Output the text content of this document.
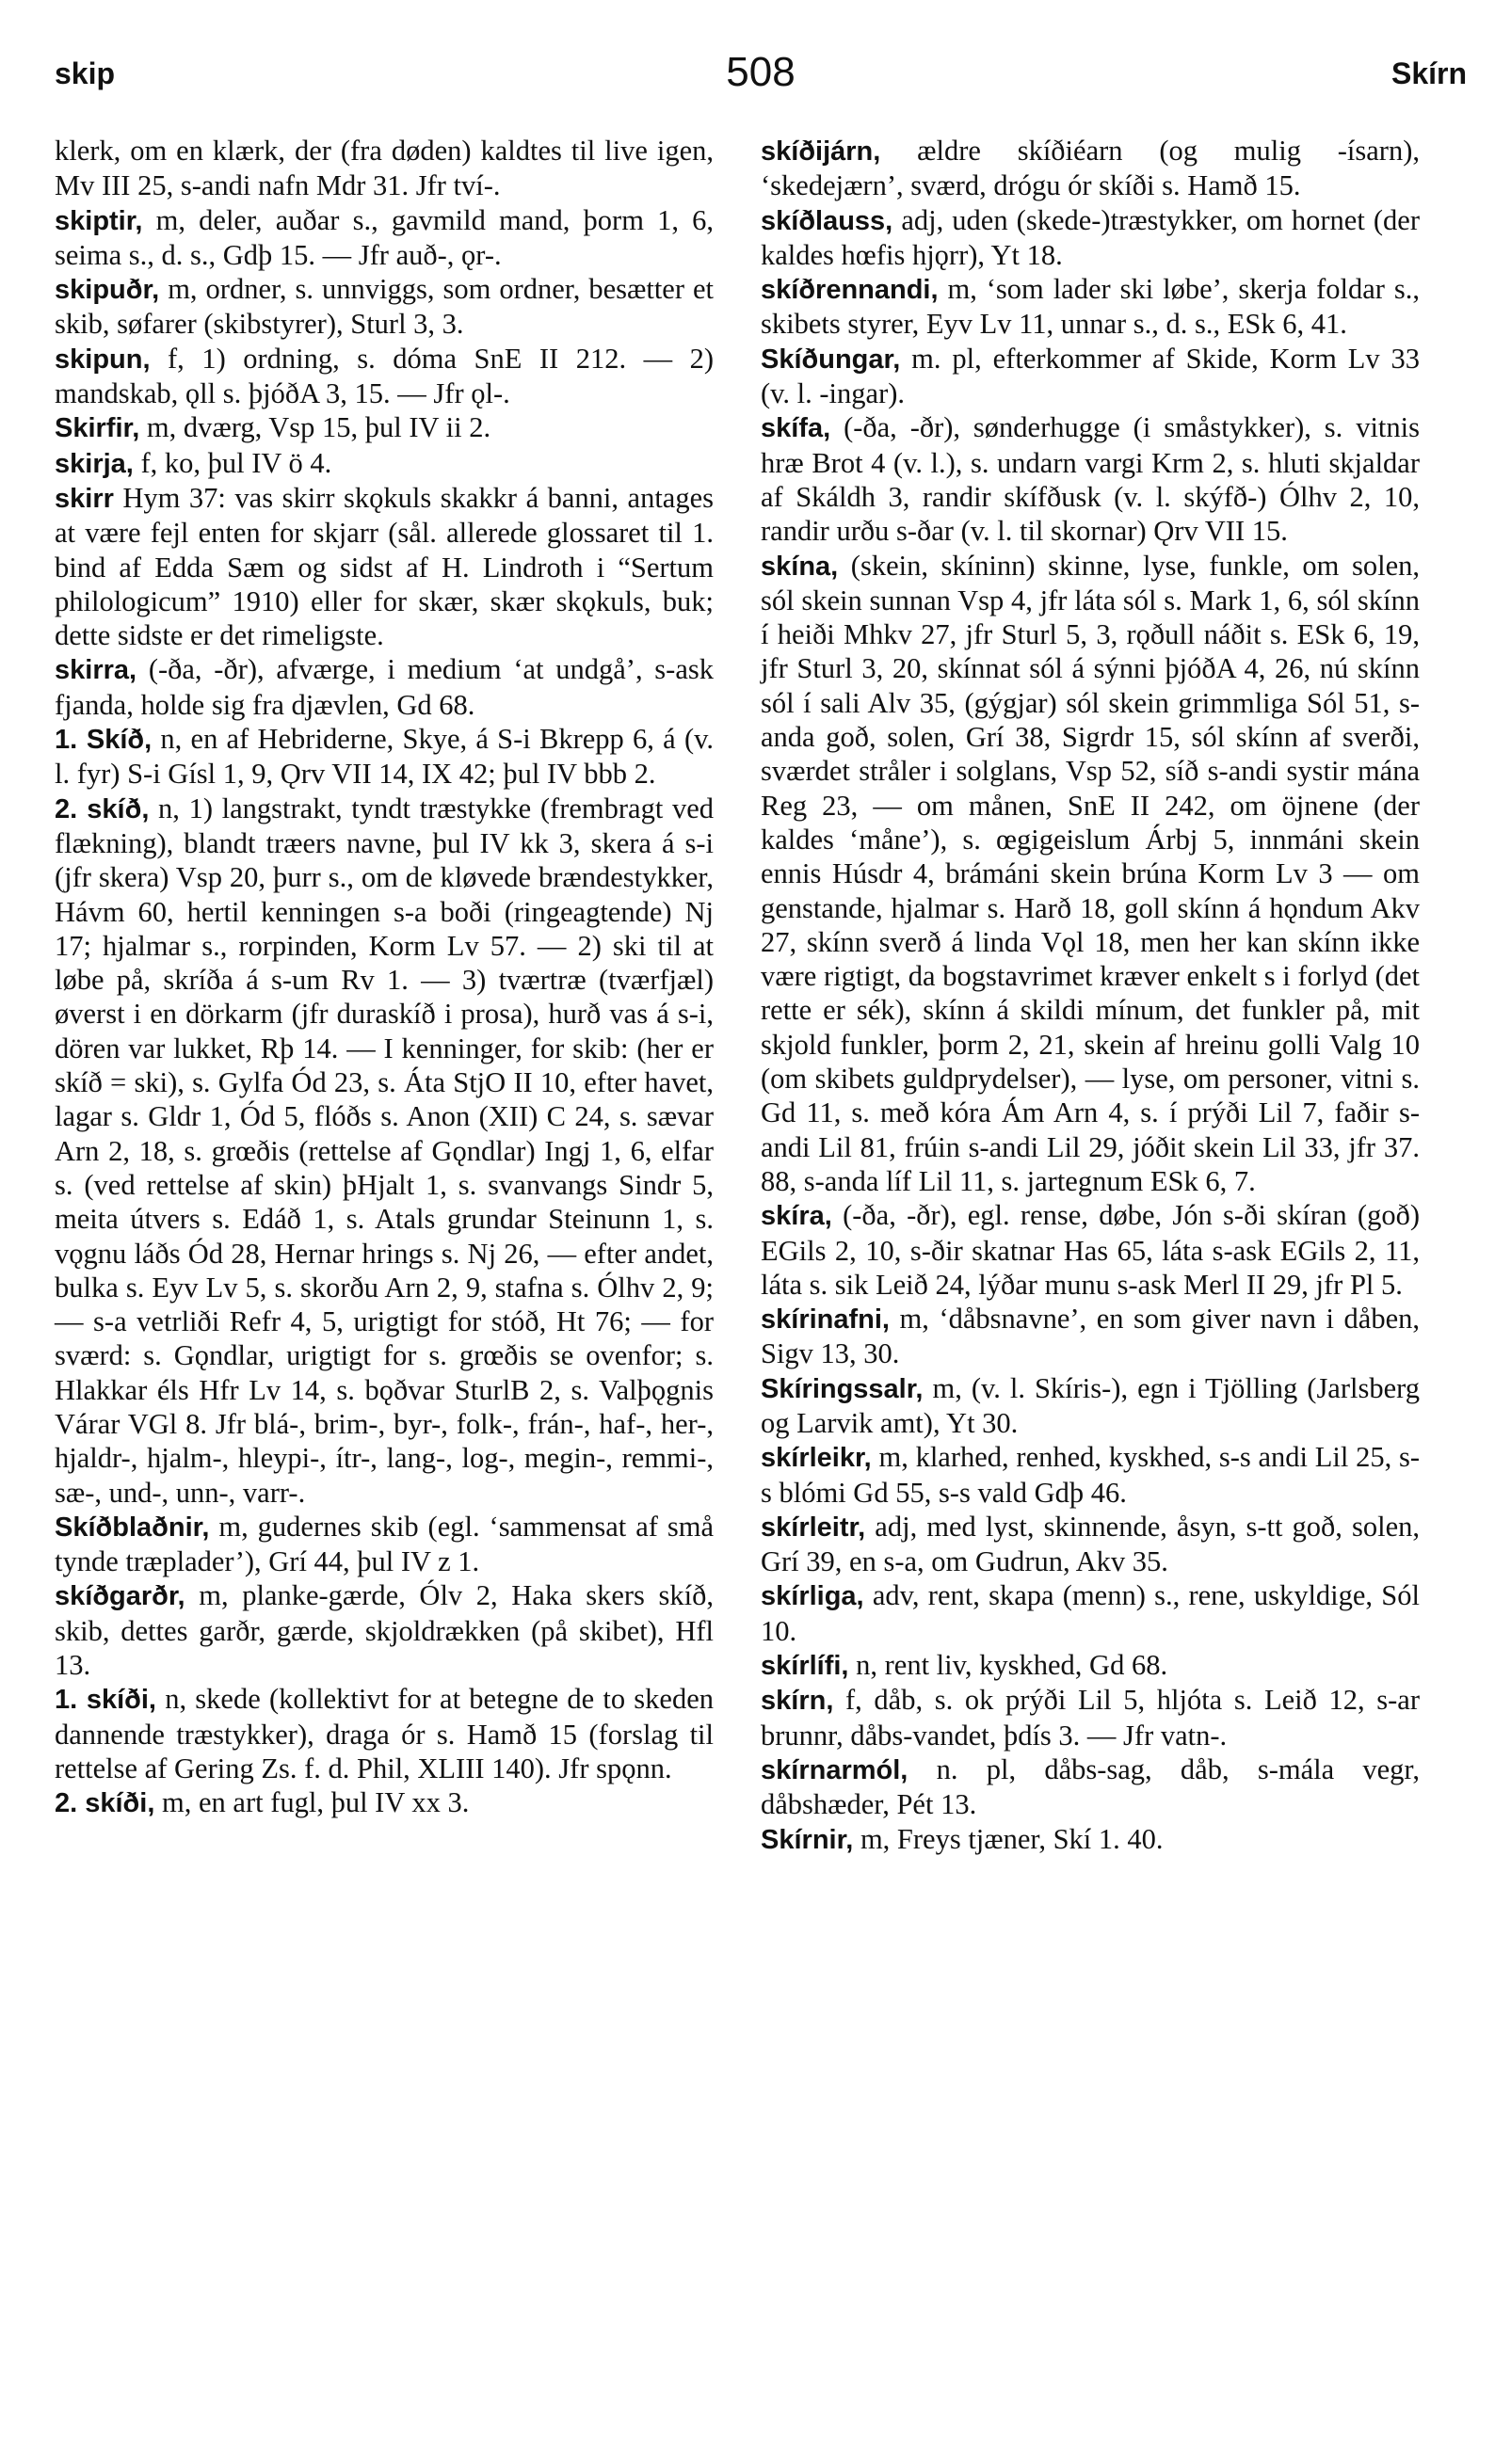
skip	508	Skírn
klerk, om en klærk, der (fra døden) kaldtes til live igen, Mv III 25, s-andi nafn Mdr 31. Jfr tví-.
skiptir, m, deler, auðar s., gavmild mand, þorm 1, 6, seima s., d. s., Gdþ 15. — Jfr auð-, ǫr-.
skipuðr, m, ordner, s. unnviggs, som ordner, besætter et skib, søfarer (skibstyrer), Sturl 3, 3.
skipun, f, 1) ordning, s. dóma SnE II 212. — 2) mandskab, ǫll s. þjóðA 3, 15. — Jfr ǫl-.
Skirfir, m, dværg, Vsp 15, þul IV ii 2.
skirja, f, ko, þul IV ö 4.
skirr Hym 37: vas skirr skǫkuls skakkr á banni, antages at være fejl enten for skjarr (sål. allerede glossaret til 1. bind af Edda Sæm og sidst af H. Lindroth i “Sertum philologicum” 1910) eller for skær, skær skǫkuls, buk; dette sidste er det rimeligste.
skirra, (-ða, -ðr), afværge, i medium ‘at undgå’, s-ask fjanda, holde sig fra djævlen, Gd 68.
1. Skíð, n, en af Hebriderne, Skye, á S-i Bkrepp 6, á (v. l. fyr) S-i Gísl 1, 9, Ǫrv VII 14, IX 42; þul IV bbb 2.
2. skíð, n, 1) langstrakt, tyndt træstykke (frembragt ved flækning), blandt træers navne, þul IV kk 3, skera á s-i (jfr skera) Vsp 20, þurr s., om de kløvede brændestykker, Hávm 60, hertil kenningen s-a boði (ringeagtende) Nj 17; hjalmar s., rorpinden, Korm Lv 57. — 2) ski til at løbe på, skríða á s-um Rv 1. — 3) tværtræ (tværfjæl) øverst i en dörkarm (jfr duraskíð i prosa), hurð vas á s-i, dören var lukket, Rþ 14. — I kenninger, for skib: (her er skíð = ski), s. Gylfa Ód 23, s. Áta StjO II 10, efter havet, lagar s. Gldr 1, Ód 5, flóðs s. Anon (XII) C 24, s. sævar Arn 2, 18, s. grœðis (rettelse af Gǫndlar) Ingj 1, 6, elfar s. (ved rettelse af skin) þHjalt 1, s. svanvangs Sindr 5, meita útvers s. Edáð 1, s. Atals grundar Steinunn 1, s. vǫgnu láðs Ód 28, Hernar hrings s. Nj 26, — efter andet, bulka s. Eyv Lv 5, s. skorðu Arn 2, 9, stafna s. Ólhv 2, 9; — s-a vetrliði Refr 4, 5, urigtigt for stóð, Ht 76; — for sværd: s. Gǫndlar, urigtigt for s. grœðis se ovenfor; s. Hlakkar éls Hfr Lv 14, s. bǫðvar SturlB 2, s. Valþǫgnis Várar VGl 8. Jfr blá-, brim-, byr-, folk-, frán-, haf-, her-, hjaldr-, hjalm-, hleypi-, ítr-, lang-, log-, megin-, remmi-, sæ-, und-, unn-, varr-.
Skíðblaðnir, m, gudernes skib (egl. ‘sammensat af små tynde træplader’), Grí 44, þul IV z 1.
skíðgarðr, m, planke-gærde, Ólv 2, Haka skers skíð, skib, dettes garðr, gærde, skjoldrækken (på skibet), Hfl 13.
1. skíði, n, skede (kollektivt for at betegne de to skeden dannende træstykker), draga ór s. Hamð 15 (forslag til rettelse af Gering Zs. f. d. Phil, XLIII 140). Jfr spǫnn.
2. skíði, m, en art fugl, þul IV xx 3.
skíðijárn, ældre skíðiéarn (og mulig -ísarn), ‘skedejærn’, sværd, drógu ór skíði s. Hamð 15.
skíðlauss, adj, uden (skede-)træstykker, om hornet (der kaldes hœfis hjǫrr), Yt 18.
skíðrennandi, m, ‘som lader ski løbe’, skerja foldar s., skibets styrer, Eyv Lv 11, unnar s., d. s., ESk 6, 41.
Skíðungar, m. pl, efterkommer af Skide, Korm Lv 33 (v. l. -ingar).
skífa, (-ða, -ðr), sønderhugge (i småstykker), s. vitnis hræ Brot 4 (v. l.), s. undarn vargi Krm 2, s. hluti skjaldar af Skáldh 3, randir skífðusk (v. l. skýfð-) Ólhv 2, 10, randir urðu s-ðar (v. l. til skornar) Ǫrv VII 15.
skína, (skein, skíninn) skinne, lyse, funkle, om solen, sól skein sunnan Vsp 4, jfr láta sól s. Mark 1, 6, sól skínn í heiði Mhkv 27, jfr Sturl 5, 3, rǫðull náðit s. ESk 6, 19, jfr Sturl 3, 20, skínnat sól á sýnni þjóðA 4, 26, nú skínn sól í sali Alv 35, (gýgjar) sól skein grimmliga Sól 51, s-anda goð, solen, Grí 38, Sigrdr 15, sól skínn af sverði, sværdet stråler i solglans, Vsp 52, síð s-andi systir mána Reg 23, — om månen, SnE II 242, om öjnene (der kaldes ‘måne’), s. œgigeislum Árbj 5, innmáni skein ennis Húsdr 4, brámáni skein brúna Korm Lv 3 — om genstande, hjalmar s. Harð 18, goll skínn á hǫndum Akv 27, skínn sverð á linda Vǫl 18, men her kan skínn ikke være rigtigt, da bogstavrimet kræver enkelt s i forlyd (det rette er sék), skínn á skildi mínum, det funkler på, mit skjold funkler, þorm 2, 21, skein af hreinu golli Valg 10 (om skibets guldprydelser), — lyse, om personer, vitni s. Gd 11, s. með kóra Ám Arn 4, s. í prýði Lil 7, faðir s-andi Lil 81, frúin s-andi Lil 29, jóðit skein Lil 33, jfr 37. 88, s-anda líf Lil 11, s. jartegnum ESk 6, 7.
skíra, (-ða, -ðr), egl. rense, døbe, Jón s-ði skíran (goð) EGils 2, 10, s-ðir skatnar Has 65, láta s-ask EGils 2, 11, láta s. sik Leið 24, lýðar munu s-ask Merl II 29, jfr Pl 5.
skírinafni, m, ‘dåbsnavne’, en som giver navn i dåben, Sigv 13, 30.
Skíringssalr, m, (v. l. Skíris-), egn i Tjölling (Jarlsberg og Larvik amt), Yt 30.
skírleikr, m, klarhed, renhed, kyskhed, s-s andi Lil 25, s-s blómi Gd 55, s-s vald Gdþ 46.
skírleitr, adj, med lyst, skinnende, åsyn, s-tt goð, solen, Grí 39, en s-a, om Gudrun, Akv 35.
skírliga, adv, rent, skapa (menn) s., rene, uskyldige, Sól 10.
skírlífi, n, rent liv, kyskhed, Gd 68.
skírn, f, dåb, s. ok prýði Lil 5, hljóta s. Leið 12, s-ar brunnr, dåbs-vandet, þdís 3. — Jfr vatn-.
skírnarmól, n. pl, dåbs-sag, dåb, s-mála vegr, dåbshæder, Pét 13.
Skírnir, m, Freys tjæner, Skí 1. 40.
